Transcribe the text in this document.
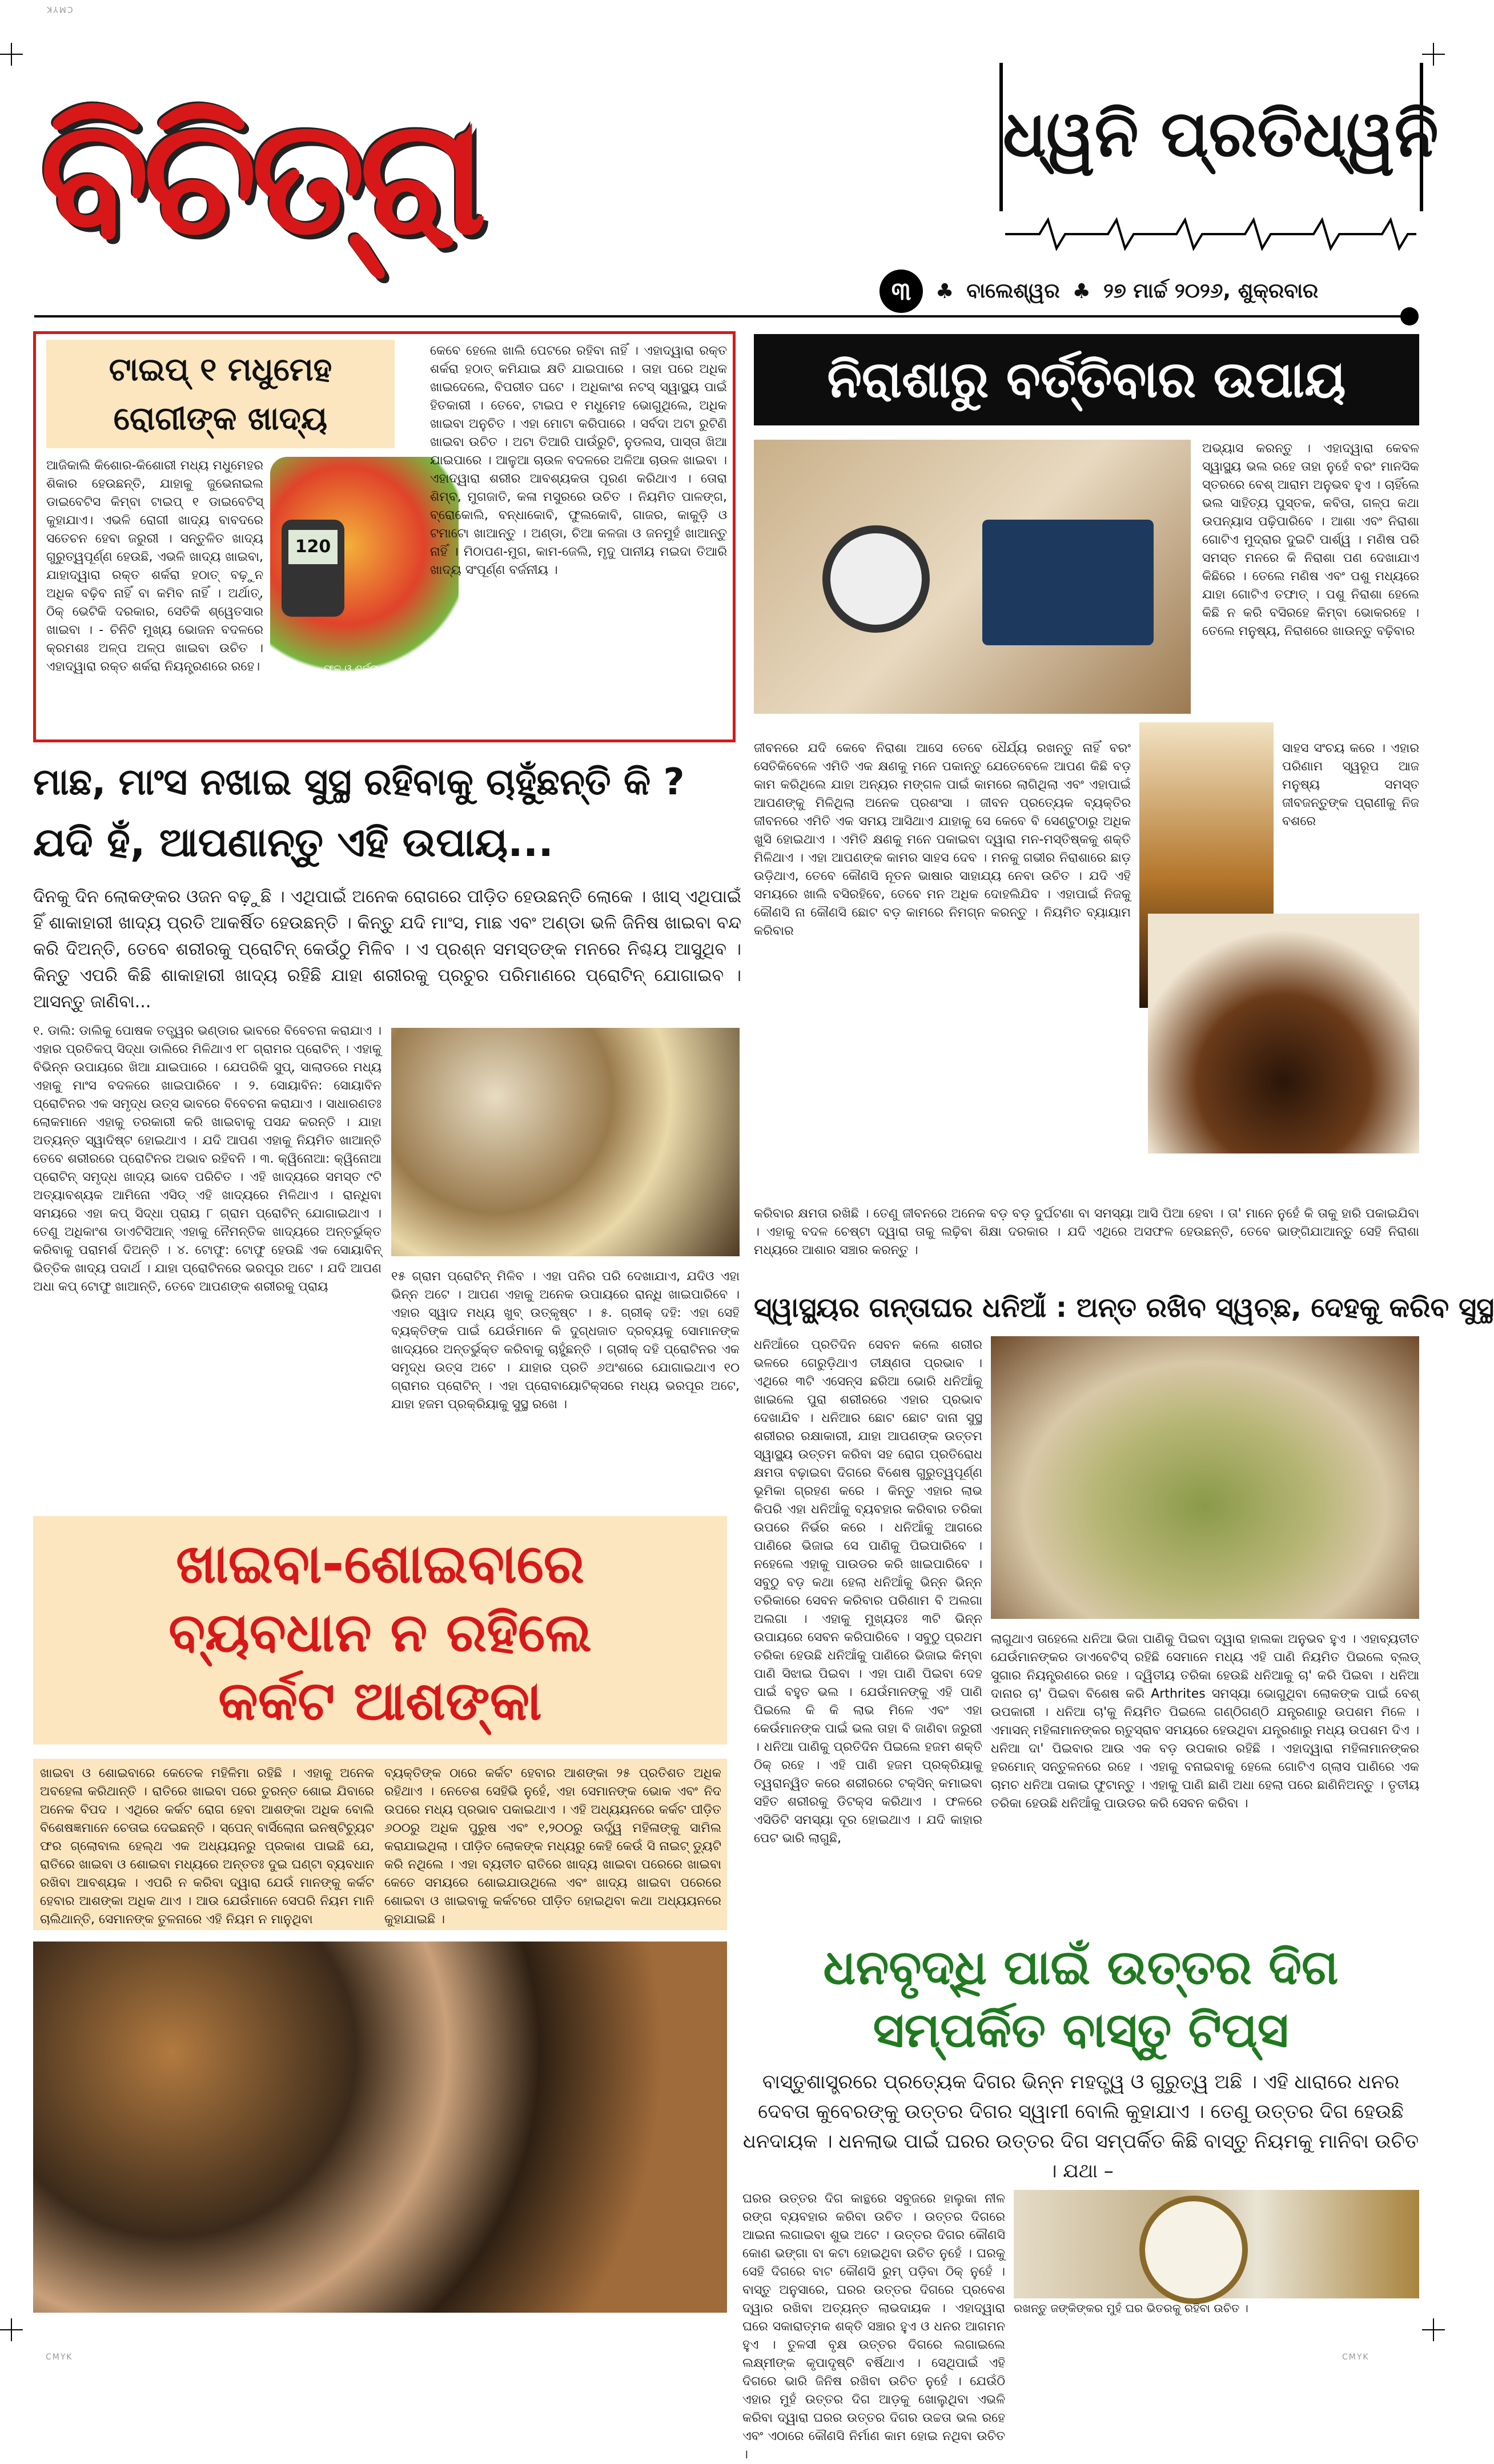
CMYK
CMYK	CMYK
ବିଚିତ୍ରା	ଧ୍ୱନି ପ୍ରତିଧ୍ୱନି
୩ ♣ ବାଲେଶ୍ୱର ♣ ୨୭ ମାର୍ଚ୍ଚ ୨୦୨୬, ଶୁକ୍ରବାର
ଟାଇପ୍ ୧ ମଧୁମେହ
ରୋଗୀଙ୍କ ଖାଦ୍ୟ
ଆଜିକାଲି କିଶୋର-କିଶୋରୀ ମଧ୍ୟ ମଧୁମେହର ଶିକାର ହେଉଛନ୍ତି, ଯାହାକୁ ଜୁଭେନାଇଲ ଡାଇବେଟିସ କିମ୍ବା ଟାଇପ୍ ୧ ଡାଇବେଟିସ୍ କୁହାଯାଏ। ଏଭଳି ରୋଗୀ ଖାଦ୍ୟ ବାବଦରେ ସତେଚନ ହେବା ଜରୁରୀ । ସନ୍ତୁଳିତ ଖାଦ୍ୟ ଗୁରୁତ୍ୱପୂର୍ଣ୍ଣ ହେଉଛି, ଏଭଳି ଖାଦ୍ୟ ଖାଇବା, ଯାହାଦ୍ୱାରା ରକ୍ତ ଶର୍କରା ହଠାତ୍ ବଢ଼ୁନ ଅଧିକ ବଢ଼ିବ ନାହିଁ ବା କମିବ ନାହିଁ । ଅର୍ଥାତ୍, ଠିକ୍ ଭେଟିକି ଦରକାର, ସେତିକି ଶ୍ୱେତସାର ଖାଇବା । - ଚିନିଟି ମୁଖ୍ୟ ଭୋଜନ ବଦଳରେ କ୍ରମଶଃ ଅଳ୍ପ ଅଳ୍ପ ଖାଇବା ଉଚିତ । ଏହାଦ୍ୱାରା ରକ୍ତ ଶର୍କରା ନିୟନ୍ତ୍ରଣରେ ରହେ।
120
ଫଳ ଓ ଶର୍କରା ଯନ୍ତ୍ର
କେବେ ହେଲେ ଖାଲି ପେଟରେ ରହିବା ନାହିଁ । ଏହାଦ୍ୱାରା ରକ୍ତ ଶର୍କରା ହଠାତ୍ କମିଯାଇ କ୍ଷତି ଯାଇପାରେ । ତାହା ପରେ ଅଧିକ ଖାଇଦେଲେ, ବିପରୀତ ଘଟେ । ଅଧିକାଂଶ ନଟସ୍ ସ୍ୱାସ୍ଥ୍ୟ ପାଇଁ ହିତକାରୀ । ତେବେ, ଟାଇପ ୧ ମଧୁମେହ ଭୋଗୁଥିଲେ, ଅଧିକ ଖାଇବା ଅନୁଚିତ । ଏହା ମୋଟା କରିପାରେ । ସର୍ବଦା ଅଟା ରୁଟିଣି ଖାଇବା ଉଚିତ । ଅଟା ତିଆରି ପାଉଁରୁଟି, ନୁଡଲସ, ପାସ୍ତା ଖିଆ ଯାଇପାରେ । ଆଳୁଆ ଚାଉଳ ବଦଳରେ ଅଳିଆ ଚାଉଳ ଖାଇବା । ଏହାଦ୍ୱାରା ଶରୀର ଆବଶ୍ୟକତା ପୂରଣ କରିଥାଏ । ତୋରା ଶିମ୍ବ, ମୁଗଜାତି, କଳା ମସୁରରେ ଉଚିତ । ନିୟମିତ ପାଳଙ୍ଗ, ବ୍ରୋକୋଲି, ବନ୍ଧାକୋବି, ଫୁଲକୋବି, ଗାଜର, କାକୁଡ଼ି ଓ ଟମାଟୋ ଖାଆନ୍ତୁ । ଅଣ୍ଡା, ଚିଆ କଳଜା ଓ ଜନମୁହଁ ଖାଆନ୍ତୁ ନାହିଁ । ମିଠାପଣ-ମୁଗ, କାମ-ଜେଲି, ମୃଦୁ ପାନୀୟ ମଇଦା ତିଆରି ଖାଦ୍ୟ ସଂପୂର୍ଣ୍ଣ ବର୍ଜନୀୟ ।
ନିରାଶାରୁ ବର୍ତ୍ତିବାର ଉପାୟ
ଅଭ୍ୟାସ କରନ୍ତୁ । ଏହାଦ୍ୱାରା କେବଳ ସ୍ୱାସ୍ଥ୍ୟ ଭଲ ରହେ ତାହା ନୁହେଁ ବରଂ ମାନସିକ ସ୍ତରରେ ବେଶ୍ ଆରାମ ଅନୁଭବ ହୁଏ । ଚାହିଁଲେ ଭଲ ସାହିତ୍ୟ ପୁସ୍ତକ, କବିତା, ଗଳ୍ପ କଥା ଉପନ୍ୟାସ ପଢ଼ିପାରିବେ । ଆଶା ଏବଂ ନିରାଶା ଗୋଟିଏ ମୁଦ୍ରାର ଦୁଇଟି ପାର୍ଶ୍ୱ । ମଣିଷ ପରି ସମସ୍ତ ମନରେ କି ନିରାଶା ପଣ ଦେଖାଯାଏ କିଛିରେ । ତେଲେ ମଣିଷ ଏବଂ ପଶୁ ମଧ୍ୟରେ ଯାହା ଗୋଟିଏ ତଫାତ୍ । ପଶୁ ନିରାଶା ହେଲେ କିଛି ନ କରି ବସିରହେ କିମ୍ବା ଭୋକରହେ । ତେଲେ ମନୁଷ୍ୟ, ନିରାଶରେ ଖାଉନ୍ତୁ ବଢ଼ିବାର
ଜୀବନରେ ଯଦି କେବେ ନିରାଶା ଆସେ ତେବେ ଧୈର୍ଯ୍ୟ ରଖନ୍ତୁ ନାହିଁ ବରଂ ସେତିକିବେଳେ ଏମିତି ଏକ କ୍ଷଣକୁ ମନେ ପକାନ୍ତୁ ଯେତେବେଳେ ଆପଣ କିଛି ବଡ଼ କାମ କରିଥିଲେ ଯାହା ଅନ୍ୟର ମଙ୍ଗଳ ପାଇଁ କାମରେ ଲାଗିଥିଲା ଏବଂ ଏହାପାଇଁ ଆପଣଙ୍କୁ ମିଳିଥିଲା ଅନେକ ପ୍ରଶଂସା । ଜୀବନ ପ୍ରତ୍ୟେକ ବ୍ୟକ୍ତିର ଜୀବନରେ ଏମିତି ଏକ ସମୟ ଆସିଥାଏ ଯାହାକୁ ସେ କେବେ ବି ସେଣ୍ଟୁଠାରୁ ଅଧିକ ଖୁସି ହୋଇଥାଏ । ଏମିତି କ୍ଷଣକୁ ମନେ ପକାଇବା ଦ୍ୱାରା ମନ-ମସ୍ତିଷ୍କକୁ ଶକ୍ତି ମିଳିଥାଏ । ଏହା ଆପଣଙ୍କ କାମର ସାହସ ଦେବ । ମନକୁ ଗଭୀର ନିରାଶାରେ ଛାଡ଼ ଉଡ଼ିଥାଏ, ତେବେ କୌଣସି ନୂତନ ଭାଷାର ସାହାଯ୍ୟ ନେବା ଉଚିତ । ଯଦି ଏହି ସମୟରେ ଖାଲି ବସିରହିବେ, ତେବେ ମନ ଅଧିକ ଦୋହଲିଯିବ । ଏହାପାଇଁ ନିଜକୁ କୌଣସି ନା କୌଣସି ଛୋଟ ବଡ଼ କାମରେ ନିମଗ୍ନ କରନ୍ତୁ । ନିୟମିତ ବ୍ୟାୟାମ କରିବାର
ସାହସ ସଂଚୟ କରେ । ଏହାର ପରିଣାମ ସ୍ୱରୂପ ଆଜ ମନୁଷ୍ୟ ସମସ୍ତ ଜୀବଜନ୍ତୁଙ୍କ ପ୍ରାଣୀକୁ ନିଜ ବଶରେ
କରିବାର କ୍ଷମତା ରଖିଛି । ତେଣୁ ଜୀବନରେ ଅନେକ ବଡ଼ ବଡ଼ ଦୁର୍ଘଟଣା ବା ସମସ୍ୟା ଆସି ପିଆ ହେବା । ତା' ମାନେ ନୁହେଁ କି ତାକୁ ହାରି ପକାଇଯିବା । ଏହାକୁ ବଦଳ ଚେଷ୍ଟା ଦ୍ୱାରା ତାକୁ ଲଢ଼ିବା ଶିକ୍ଷା ଦରକାର । ଯଦି ଏଥିରେ ଅସଫଳ ହେଉଛନ୍ତି, ତେବେ ଭାଙ୍ଗିଯାଆନ୍ତୁ ସେହି ନିରାଶା ମଧ୍ୟରେ ଆଶାର ସଞ୍ଚାର କରନ୍ତୁ ।
ମାଛ, ମାଂସ ନଖାଇ ସୁସ୍ଥ ରହିବାକୁ ଚାହୁଁଛନ୍ତି କି ?
ଯଦି ହଁ, ଆପଣାନ୍ତୁ ଏହି ଉପାୟ...
ଦିନକୁ ଦିନ ଲୋକଙ୍କର ଓଜନ ବଢ଼ୁଛି । ଏଥିପାଇଁ ଅନେକ ରୋଗରେ ପୀଡ଼ିତ ହେଉଛନ୍ତି ଲୋକେ । ଖାସ୍ ଏଥିପାଇଁ ହିଁ ଶାକାହାରୀ ଖାଦ୍ୟ ପ୍ରତି ଆକର୍ଷିତ ହେଉଛନ୍ତି । କିନ୍ତୁ ଯଦି ମାଂସ, ମାଛ ଏବଂ ଅଣ୍ଡା ଭଳି ଜିନିଷ ଖାଇବା ବନ୍ଦ କରି ଦିଅନ୍ତି, ତେବେ ଶରୀରକୁ ପ୍ରୋଟିନ୍ କେଉଁଠୁ ମିଳିବ । ଏ ପ୍ରଶ୍ନ ସମସ୍ତଙ୍କ ମନରେ ନିଶ୍ଚୟ ଆସୁଥିବ । କିନ୍ତୁ ଏପରି କିଛି ଶାକାହାରୀ ଖାଦ୍ୟ ରହିଛି ଯାହା ଶରୀରକୁ ପ୍ରଚୁର ପରିମାଣରେ ପ୍ରୋଟିନ୍ ଯୋଗାଇବ । ଆସନ୍ତୁ ଜାଣିବା...
୧. ଡାଲି: ଡାଲିକୁ ପୋଷକ ତତ୍ତ୍ୱର ଭଣ୍ଡାର ଭାବରେ ବିବେଚନା କରାଯାଏ । ଏହାର ପ୍ରତିକପ୍ ସିଦ୍ଧା ଡାଲିରେ ମିଳିଥାଏ ୧୮ ଗ୍ରାମର ପ୍ରୋଟିନ୍ । ଏହାକୁ ବିଭିନ୍ନ ଉପାୟରେ ଖିଆ ଯାଇପାରେ । ଯେପରିକି ସୁପ୍, ସାଲାଡରେ ମଧ୍ୟ ଏହାକୁ ମାଂସ ବଦଳରେ ଖାଇପାରିବେ । ୨. ସୋୟାବିନ: ସୋୟାବିନ ପ୍ରୋଟିନର ଏକ ସମୃଦ୍ଧ ଉତ୍ସ ଭାବରେ ବିବେଚନା କରାଯାଏ । ସାଧାରଣତଃ ଲୋକମାନେ ଏହାକୁ ତରକାରୀ କରି ଖାଇବାକୁ ପସନ୍ଦ କରନ୍ତି । ଯାହା ଅତ୍ୟନ୍ତ ସ୍ୱାଦିଷ୍ଟ ହୋଇଥାଏ । ଯଦି ଆପଣ ଏହାକୁ ନିୟମିତ ଖାଆନ୍ତି ତେବେ ଶରୀରରେ ପ୍ରୋଟିନର ଅଭାବ ରହିବନି । ୩. କ୍ୱିନୋଆ: କ୍ୱିନୋଆ ପ୍ରୋଟିନ୍ ସମୃଦ୍ଧ ଖାଦ୍ୟ ଭାବେ ପରିଚିତ । ଏହି ଖାଦ୍ୟରେ ସମସ୍ତ ୯ଟି ଅତ୍ୟାବଶ୍ୟକ ଆମିନୋ ଏସିଡ୍ ଏହି ଖାଦ୍ୟରେ ମିଳିଥାଏ । ରାନ୍ଧିବା ସମୟରେ ଏହା କପ୍ ସିଦ୍ଧା ପ୍ରାୟ ୮ ଗ୍ରାମ ପ୍ରୋଟିନ୍ ଯୋଗାଇଥାଏ । ତେଣୁ ଅଧିକାଂଶ ଡାଏଟିସିଆନ୍ ଏହାକୁ ନୈମନ୍ତିକ ଖାଦ୍ୟରେ ଅନ୍ତର୍ଭୁକ୍ତ କରିବାକୁ ପରାମର୍ଶ ଦିଅନ୍ତି । ୪. ଟୋଫୁ: ଟୋଫୁ ହେଉଛି ଏକ ସୋୟାବିନ୍ ଭିତ୍ତିକ ଖାଦ୍ୟ ପଦାର୍ଥ । ଯାହା ପ୍ରୋଟିନରେ ଭରପୂର ଅଟେ । ଯଦି ଆପଣ ଅଧା କପ୍ ଟୋଫୁ ଖାଆନ୍ତି, ତେବେ ଆପଣଙ୍କ ଶରୀରକୁ ପ୍ରାୟ
୧୫ ଗ୍ରାମ ପ୍ରୋଟିନ୍ ମିଳିବ । ଏହା ପନିର ପରି ଦେଖାଯାଏ, ଯଦିଓ ଏହା ଭିନ୍ନ ଅଟେ । ଆପଣ ଏହାକୁ ଅନେକ ଉପାୟରେ ରାନ୍ଧି ଖାଇପାରିବେ । ଏହାର ସ୍ୱାଦ ମଧ୍ୟ ଖୁବ୍ ଉତ୍କୃଷ୍ଟ । ୫. ଗ୍ରୀକ୍ ଦହି: ଏହା ସେହି ବ୍ୟକ୍ତିଙ୍କ ପାଇଁ ଯେଉଁମାନେ କି ଦୁଗ୍ଧଜାତ ଦ୍ରବ୍ୟକୁ ସୋମାନଙ୍କ ଖାଦ୍ୟରେ ଅନ୍ତର୍ଭୁକ୍ତ କରିବାକୁ ଚାହୁଁଛନ୍ତି । ଗ୍ରୀକ୍ ଦହି ପ୍ରୋଟିନର ଏକ ସମୃଦ୍ଧ ଉତ୍ସ ଅଟେ । ଯାହାର ପ୍ରତି ୬ଅଂଶରେ ଯୋଗାଇଥାଏ ୧୦ ଗ୍ରାମର ପ୍ରୋଟିନ୍ । ଏହା ପ୍ରୋବାୟୋଟିକ୍ସରେ ମଧ୍ୟ ଭରପୂର ଅଟେ, ଯାହା ହଜମ ପ୍ରକ୍ରିୟାକୁ ସୁସ୍ଥ ରଖେ ।
ସ୍ୱାସ୍ଥ୍ୟର ଗନ୍ତାଘର ଧନିଆଁ : ଅନ୍ତ ରଖିବ ସ୍ୱଚ୍ଛ, ଦେହକୁ କରିବ ସୁସ୍ଥ
ଧନିଆଁରେ ପ୍ରତିଦିନ ସେବନ କଲେ ଶରୀର ଭଳରେ ଗେରୁଡ଼ିଥାଏ ତୀକ୍ଷ୍ଣତା ପ୍ରଭାବ । ଏଥିରେ ୩ଟି ଏସେନ୍ସ ଛରିଆ ଭୋରି ଧନିଆଁକୁ ଖାଇଲେ ପୁରା ଶରୀରରେ ଏହାର ପ୍ରଭାବ ଦେଖାଯିବ । ଧନିଆର ଛୋଟ ଛୋଟ ଦାନା ସୁସ୍ଥ ଶରୀରର ରକ୍ଷାକାରୀ, ଯାହା ଆପଣଙ୍କ ଉତ୍ତମ ସ୍ୱାସ୍ଥ୍ୟ ଉତ୍ତମ କରିବା ସହ ରୋଗ ପ୍ରତିରୋଧ କ୍ଷମତା ବଢ଼ାଇବା ଦିଗରେ ବିଶେଷ ଗୁରୁତ୍ୱପୂର୍ଣ୍ଣ ଭୂମିକା ଗ୍ରହଣ କରେ । କିନ୍ତୁ ଏହାର ଲାଭ କିପରି ଏହା ଧନିଆଁକୁ ବ୍ୟବହାର କରିବାର ତରିକା ଉପରେ ନିର୍ଭର କରେ । ଧନିଆଁକୁ ଆଗରେ ପାଣିରେ ଭିଜାଇ ସେ ପାଣିକୁ ପିଇପାରିବେ । ନହେଲେ ଏହାକୁ ପାଉଡର କରି ଖାଇପାରିବେ । ସବୁଠୁ ବଡ଼ କଥା ହେଲା ଧନିଆଁକୁ ଭିନ୍ନ ଭିନ୍ନ ତରିକାରେ ସେବନ କରିବାର ପରିଣାମ ବି ଅଲଗା ଅଲଗା । ଏହାକୁ ମୁଖ୍ୟତଃ ୩ଟି ଭିନ୍ନ ଉପାୟରେ ସେବନ କରିପାରିବେ । ସବୁଠୁ ପ୍ରଥମ ତରିକା ହେଉଛି ଧନିଆଁକୁ ପାଣିରେ ଭିଜାଇ କିମ୍ବା ପାଣି ସିଝାଇ ପିଇବା । ଏହା ପାଣି ପିଇବା ଦେହ ପାଇଁ ବହୁତ ଭଲ । ଯେଉଁମାନଙ୍କୁ ଏହି ପାଣି ପିଇଲେ କି କି ଲାଭ ମିଳେ ଏବଂ ଏହା କେଉଁମାନଙ୍କ ପାଇଁ ଭଲ ତାହା ବି ଜାଣିବା ଜରୁରୀ । ଧନିଆ ପାଣିକୁ ପ୍ରତିଦିନ ପିଇଲେ ହଜମ ଶକ୍ତି ଠିକ୍ ରହେ । ଏହି ପାଣି ହଜମ ପ୍ରକ୍ରିୟାକୁ ତ୍ୱରାନ୍ୱିତ କରେ ଶରୀରରେ ଟକ୍ସିନ୍ କମାଇବା ସହିତ ଶରୀରକୁ ଡିଟକ୍ସ କରିଥାଏ । ଫଳରେ ଏସିଡିଟି ସମସ୍ୟା ଦୂର ହୋଇଥାଏ । ଯଦି କାହାର ପେଟ ଭାରି ଲାଗୁଛି,
ଲାଗୁଥାଏ ତାହେଲେ ଧନିଆ ଭିଜା ପାଣିକୁ ପିଇବା ଦ୍ୱାରା ହାଲକା ଅନୁଭବ ହୁଏ । ଏହାବ୍ୟତୀତ ଯେଉଁମାନଙ୍କର ଡାଏବେଟିସ୍ ରହିଛି ସେମାନେ ମଧ୍ୟ ଏହି ପାଣି ନିୟମିତ ପିଇଲେ ବ୍ଲଡ୍ ସୁଗାର ନିୟନ୍ତ୍ରଣରେ ରହେ । ଦ୍ୱିତୀୟ ତରିକା ହେଉଛି ଧନିଆକୁ ଚା' କରି ପିଇବା । ଧନିଆ ଦାନାର ଚା' ପିଇବା ବିଶେଷ କରି Arthrites ସମସ୍ୟା ଭୋଗୁଥିବା ଲୋକଙ୍କ ପାଇଁ ବେଶ୍ ଉପକାରୀ । ଧନିଆ ଚା'କୁ ନିୟମିତ ପିଇଲେ ଗଣ୍ଠିଗଣ୍ଠି ଯନ୍ତ୍ରଣାରୁ ଉପଶମ ମିଳେ । ଏମାସନ୍ ମହିଳାମାନଙ୍କର ଋତୁସ୍ରାବ ସମୟରେ ହେଉଥିବା ଯନ୍ତ୍ରଣାରୁ ମଧ୍ୟ ଉପଶମ ଦିଏ । ଧନିଆ ଦା' ପିଇବାର ଆଉ ଏକ ବଡ଼ ଉପକାର ରହିଛି । ଏହାଦ୍ୱାରା ମହିଳାମାନଙ୍କର ହରମୋନ୍ ସନ୍ତୁଳନରେ ରହେ । ଏହାକୁ ବନାଇବାକୁ ହେଲେ ଗୋଟିଏ ଗ୍ଲାସ ପାଣିରେ ଏକ ଚାମଚ ଧନିଆ ପକାଇ ଫୁଟାନ୍ତୁ । ଏହାକୁ ପାଣି ଛାଣି ଅଧା ହେଲା ପରେ ଛାଣିନିଅନ୍ତୁ । ତୃତୀୟ ତରିକା ହେଉଛି ଧନିଆଁକୁ ପାଉଡର କରି ସେବନ କରିବା ।
ଖାଇବା-ଶୋଇବାରେ
ବ୍ୟବଧାନ ନ ରହିଲେ
କର୍କଟ ଆଶଙ୍କା
ଖାଇବା ଓ ଶୋଇବାରେ କେତେକ ମହିଳିମା ରହିଛି । ଏହାକୁ ଅନେକ ଅବହେଳା କରିଥାନ୍ତି । ରାତିରେ ଖାଇବା ପରେ ତୁରନ୍ତ ଶୋଇ ଯିବାରେ ଅନେକ ବିପଦ । ଏଥିରେ କର୍କଟ ରୋଗ ହେବା ଆଶଙ୍କା ଅଧିକ ବୋଲି ବିଶେଷଜ୍ଞମାନେ ଚେତାଇ ଦେଇଛନ୍ତି । ସ୍ପେନ୍ ବାର୍ସିଲୋନା ଇନଷ୍ଟିଚ୍ୟୁଟ ଫର ଗ୍ଲୋବାଲ ହେଲ୍ଥ ଏକ ଅଧ୍ୟୟନରୁ ପ୍ରକାଶ ପାଇଛି ଯେ, ରାତିରେ ଖାଇବା ଓ ଶୋଇବା ମଧ୍ୟରେ ଅନ୍ତତଃ ଦୁଇ ଘଣ୍ଟା ବ୍ୟବଧାନ ରଖିବା ଆବଶ୍ୟକ । ଏପରି ନ କରିବା ଦ୍ୱାରା ଯେଉଁ ମାନଙ୍କୁ କର୍କଟ ହେବାର ଆଶଙ୍କା ଅଧିକ ଥାଏ । ଆଉ ଯେଉଁମାନେ ସେପରି ନିୟମ ମାନି ଚାଲିଥାନ୍ତି, ସେମାନଙ୍କ ତୁଳନାରେ ଏହି ନିୟମ ନ ମାନୁଥିବା
ବ୍ୟକ୍ତିଙ୍କ ଠାରେ କର୍କଟ ହେବାର ଆଶଙ୍କା ୨୫ ପ୍ରତିଶତ ଅଧିକ ରହିଥାଏ । ନେତେଶ ସେହିଭି ନୁହେଁ, ଏହା ସେମାନଙ୍କ ଭୋକ ଏବଂ ନିଦ ଉପରେ ମଧ୍ୟ ପ୍ରଭାବ ପକାଇଥାଏ । ଏହି ଅଧ୍ୟୟନରେ କର୍କଟ ପୀଡ଼ିତ ୬୦୦ରୁ ଅଧିକ ପୁରୁଷ ଏବଂ ୧,୨୦୦ରୁ ଊର୍ଦ୍ଧ୍ୱ ମହିଳାଙ୍କୁ ସାମିଲ କରାଯାଇଥିଲା । ପୀଡ଼ିତ ଲୋକଙ୍କ ମଧ୍ୟରୁ କେହି କେଉଁ ସି ନାଇଟ୍ ଡ୍ୟୁଟି କରି ନଥିଲେ । ଏହା ବ୍ୟତୀତ ରାତିରେ ଖାଦ୍ୟ ଖାଇବା ପରେରେ ଖାଇବା କେତେ ସମୟରେ ଶୋଇଯାଉଥିଲେ ଏବଂ ଖାଦ୍ୟ ଖାଇବା ପରେରେ ଶୋଇବା ଓ ଖାଇବାକୁ କର୍କଟରେ ପୀଡ଼ିତ ହୋଇଥିବା କଥା ଅଧ୍ୟୟନରେ କୁହାଯାଇଛି ।
ଧନବୃଦ୍ଧି ପାଇଁ ଉତ୍ତର ଦିଗ
ସମ୍ପର୍କିତ ବାସ୍ତୁ ଟିପ୍ସ
ବାସ୍ତୁଶାସ୍ତ୍ରରେ ପ୍ରତ୍ୟେକ ଦିଗର ଭିନ୍ନ ମହତ୍ତ୍ୱ ଓ ଗୁରୁତ୍ୱ ଅଛି । ଏହି ଧାରାରେ ଧନର ଦେବତା କୁବେରଙ୍କୁ ଉତ୍ତର ଦିଗର ସ୍ୱାମୀ ବୋଲି କୁହାଯାଏ । ତେଣୁ ଉତ୍ତର ଦିଗ ହେଉଛି ଧନଦାୟକ । ଧନଲାଭ ପାଇଁ ଘରର ଉତ୍ତର ଦିଗ ସମ୍ପର୍କିତ କିଛି ବାସ୍ତୁ ନିୟମକୁ ମାନିବା ଉଚିତ । ଯଥା –
ଘରର ଉତ୍ତର ଦିଗ କାନ୍ଥରେ ସବୁଜରେ ହାଲୁକା ନୀଳ ରଙ୍ଗ ବ୍ୟବହାର କରିବା ଉଚିତ । ଉତ୍ତର ଦିଗରେ ଆଇନା ଲଗାଇବା ଶୁଭ ଅଟେ । ଉତ୍ତର ଦିଗର କୌଣସି କୋଣ ଭଙ୍ଗା ବା କଟା ହୋଇଥିବା ଉଚିତ ନୁହେଁ । ଘରକୁ ସେହି ଦିଗରେ ବାଟ କୌଣସି ରୁମ୍ ପଡ଼ିବା ଠିକ୍ ନୁହେଁ । ବାସ୍ତୁ ଅନୁସାରେ, ଘରର ଉତ୍ତର ଦିଗରେ ପ୍ରବେଶ ଦ୍ୱାର ରଖିବା ଅତ୍ୟନ୍ତ ଲାଭଦାୟକ । ଏହାଦ୍ୱାରା ଘରେ ସକାରାତ୍ମକ ଶକ୍ତି ସଞ୍ଚାର ହୁଏ ଓ ଧନର ଆଗମନ ହୁଏ । ତୁଳସୀ ବୃକ୍ଷ ଉତ୍ତର ଦିଗରେ ଲଗାଇଲେ ଲକ୍ଷ୍ମୀଙ୍କ କୃପାଦୃଷ୍ଟି ବର୍ଷିଥାଏ । ସେଥିପାଇଁ ଏହି ଦିଗରେ ଭାରି ଜିନିଷ ରଖିବା ଉଚିତ ନୁହେଁ । ଯେଉଁଠି ଏହାର ମୁହଁ ଉତ୍ତର ଦିଗ ଆଡ଼କୁ ଖୋଲୁଥିବା ଏଭଳି କରିବା ଦ୍ୱାରା ଘରର ଉତ୍ତର ଦିଗର ଉଚ୍ଚତା ଭଲ ରହେ ଏବଂ ଏଠାରେ କୌଣସି ନିର୍ମାଣ କାମ ହୋଇ ନଥିବା ଉଚିତ ।
ରଖନ୍ତୁ ଜଙ୍କିଙ୍କର ମୁହଁ ଘର ଭିତରକୁ ରହିବା ଉଚିତ ।
